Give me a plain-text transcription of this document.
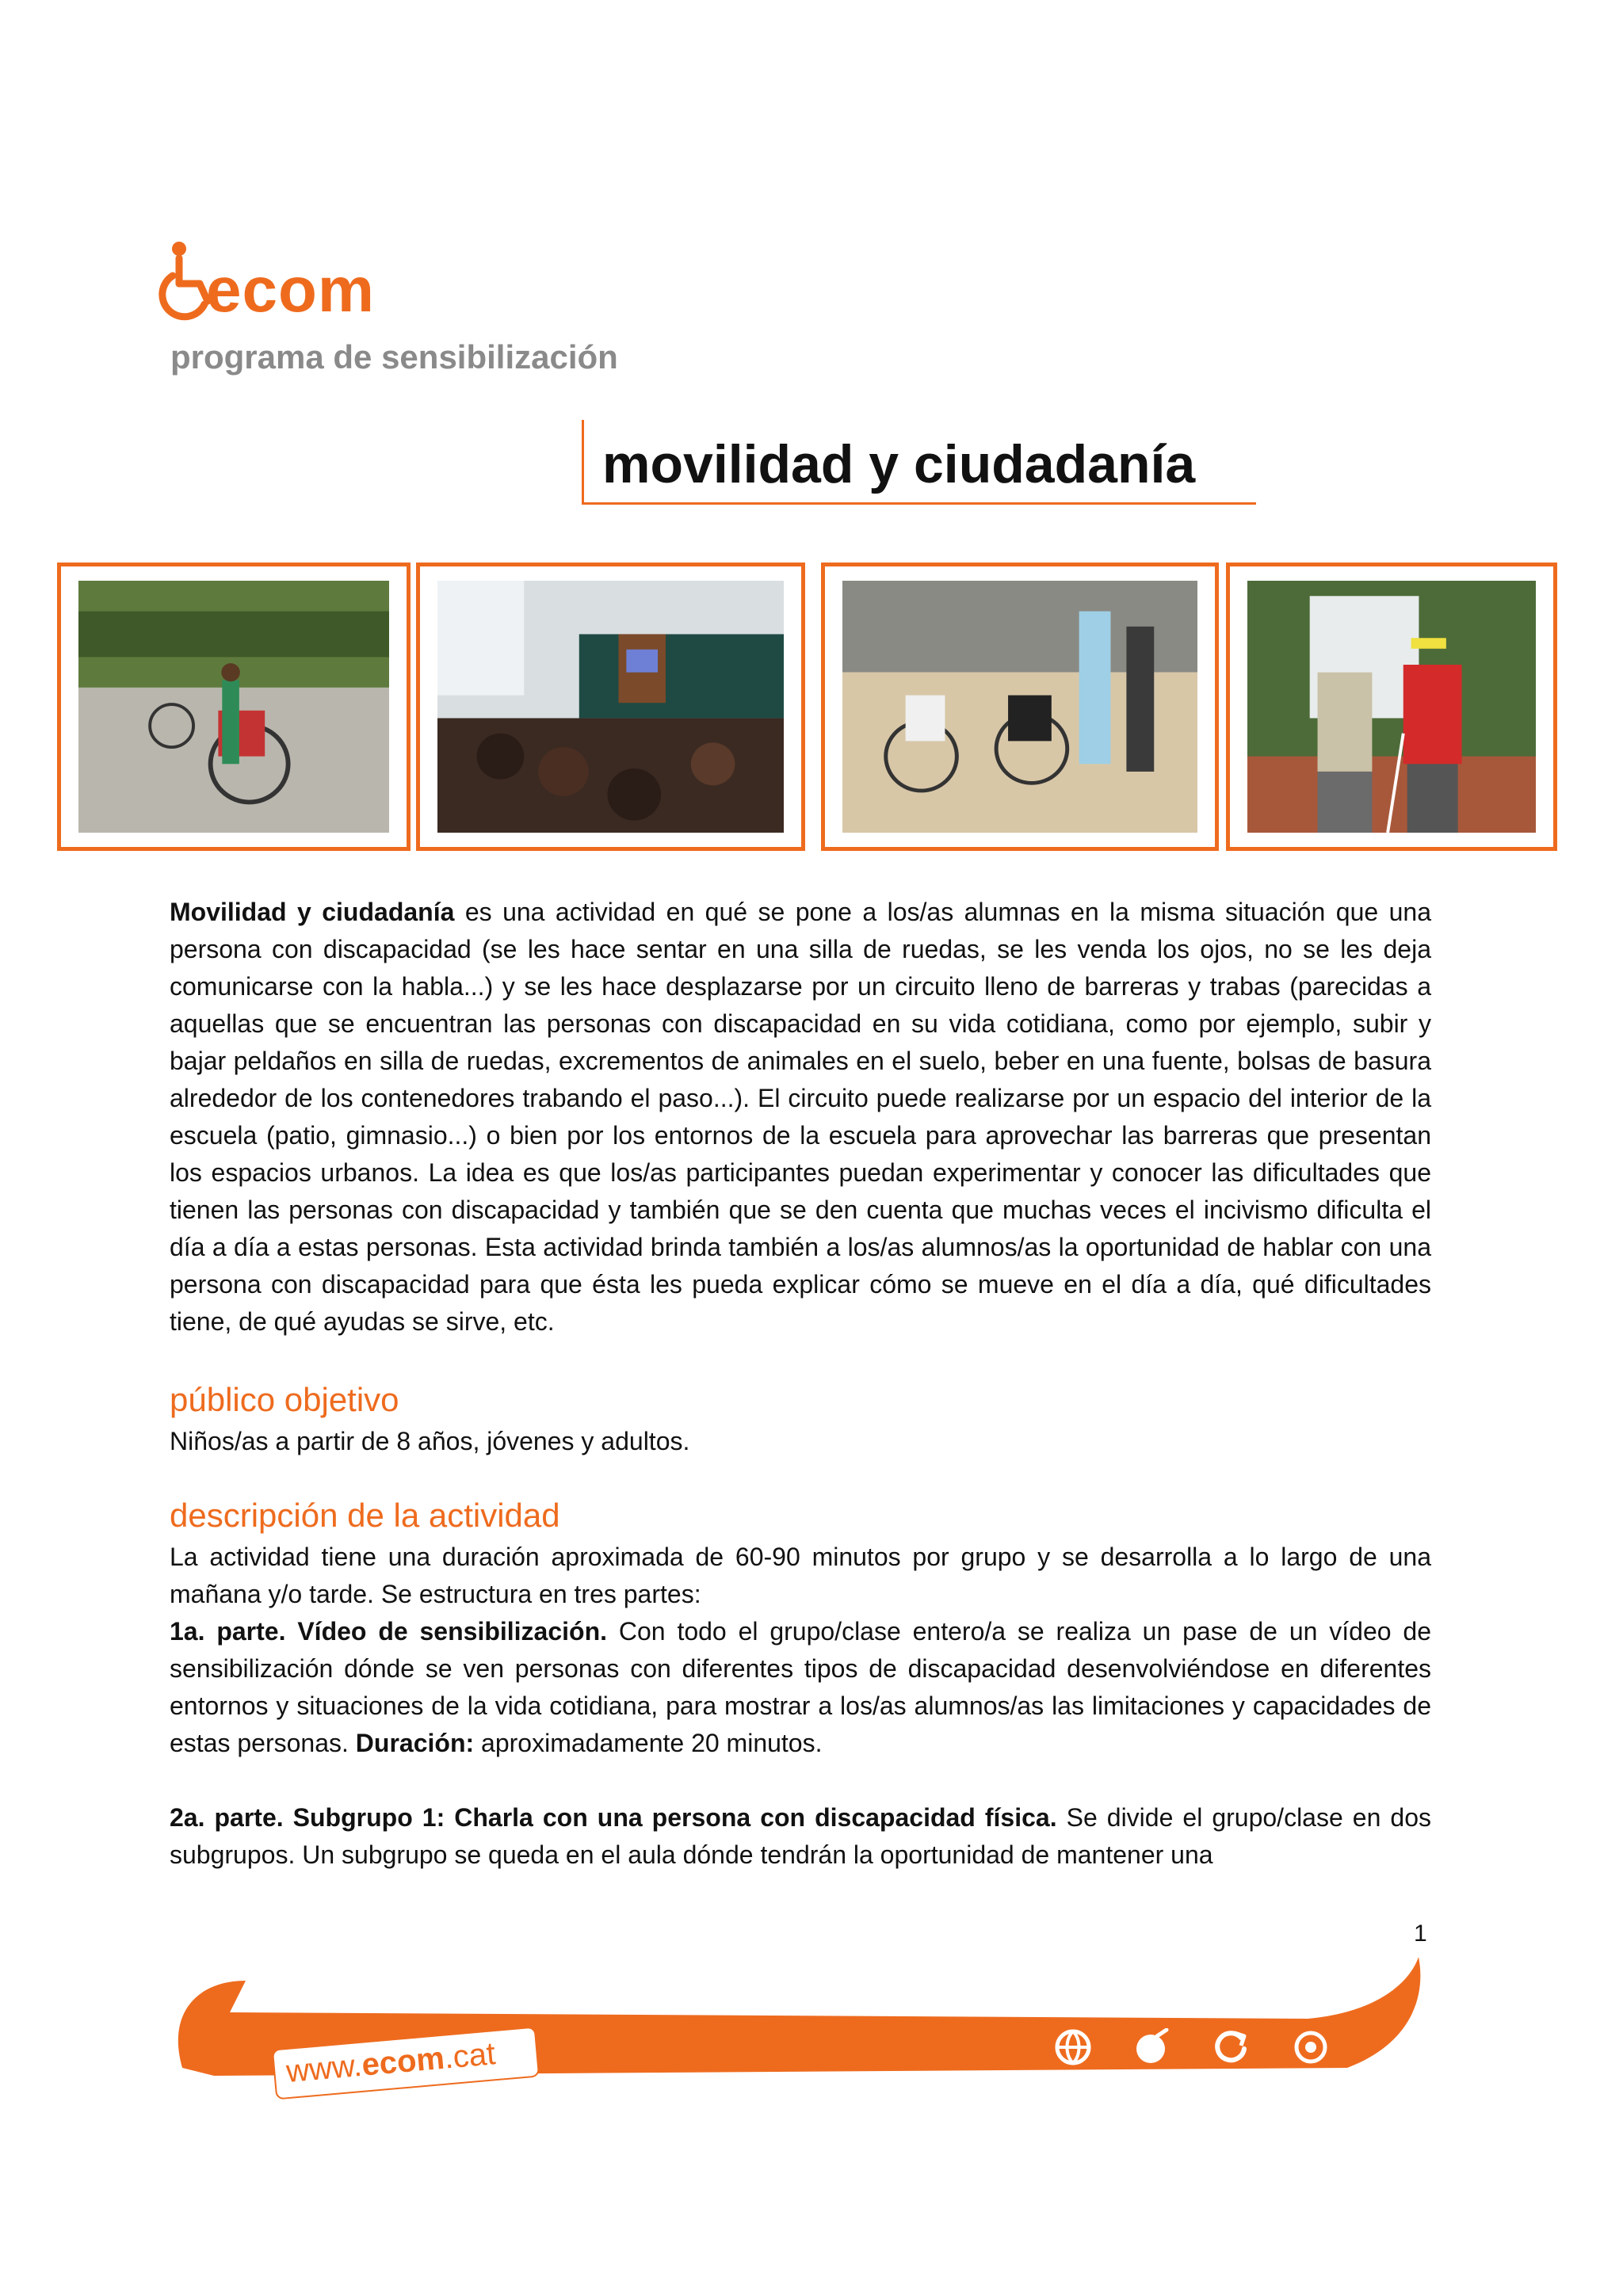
ecom
programa de sensibilización
movilidad y ciudadanía
Movilidad y ciudadanía es una actividad en qué se pone a los/as alumnas en la misma situación que una persona con discapacidad (se les hace sentar en una silla de ruedas, se les venda los ojos, no se les deja comunicarse con la habla...) y se les hace desplazarse por un circuito lleno de barreras y trabas (parecidas a aquellas que se encuentran las personas con discapacidad en su vida cotidiana, como por ejemplo, subir y bajar peldaños en silla de ruedas, excrementos de animales en el suelo, beber en una fuente, bolsas de basura alrededor de los contenedores trabando el paso...). El circuito puede realizarse por un espacio del interior de la escuela (patio, gimnasio...) o bien por los entornos de la escuela para aprovechar las barreras que presentan los espacios urbanos. La idea es que los/as participantes puedan experimentar y conocer las dificultades que tienen las personas con discapacidad y también que se den cuenta que muchas veces el incivismo dificulta el día a día a estas personas. Esta actividad brinda también a los/as alumnos/as la oportunidad de hablar con una persona con discapacidad para que ésta les pueda explicar cómo se mueve en el día a día, qué dificultades tiene, de qué ayudas se sirve, etc.
público objetivo
Niños/as a partir de 8 años, jóvenes y adultos.
descripción de la actividad
La actividad tiene una duración aproximada de 60-90 minutos por grupo y se desarrolla a lo largo de una mañana y/o tarde. Se estructura en tres partes:
1a. parte. Vídeo de sensibilización. Con todo el grupo/clase entero/a se realiza un pase de un vídeo de sensibilización dónde se ven personas con diferentes tipos de discapacidad desenvolviéndose en diferentes entornos y situaciones de la vida cotidiana, para mostrar a los/as alumnos/as las limitaciones y capacidades de estas personas. Duración: aproximadamente 20 minutos.
2a. parte. Subgrupo 1: Charla con una persona con discapacidad física. Se divide el grupo/clase en dos subgrupos. Un subgrupo se queda en el aula dónde tendrán la oportunidad de mantener una
1
www.ecom.cat
